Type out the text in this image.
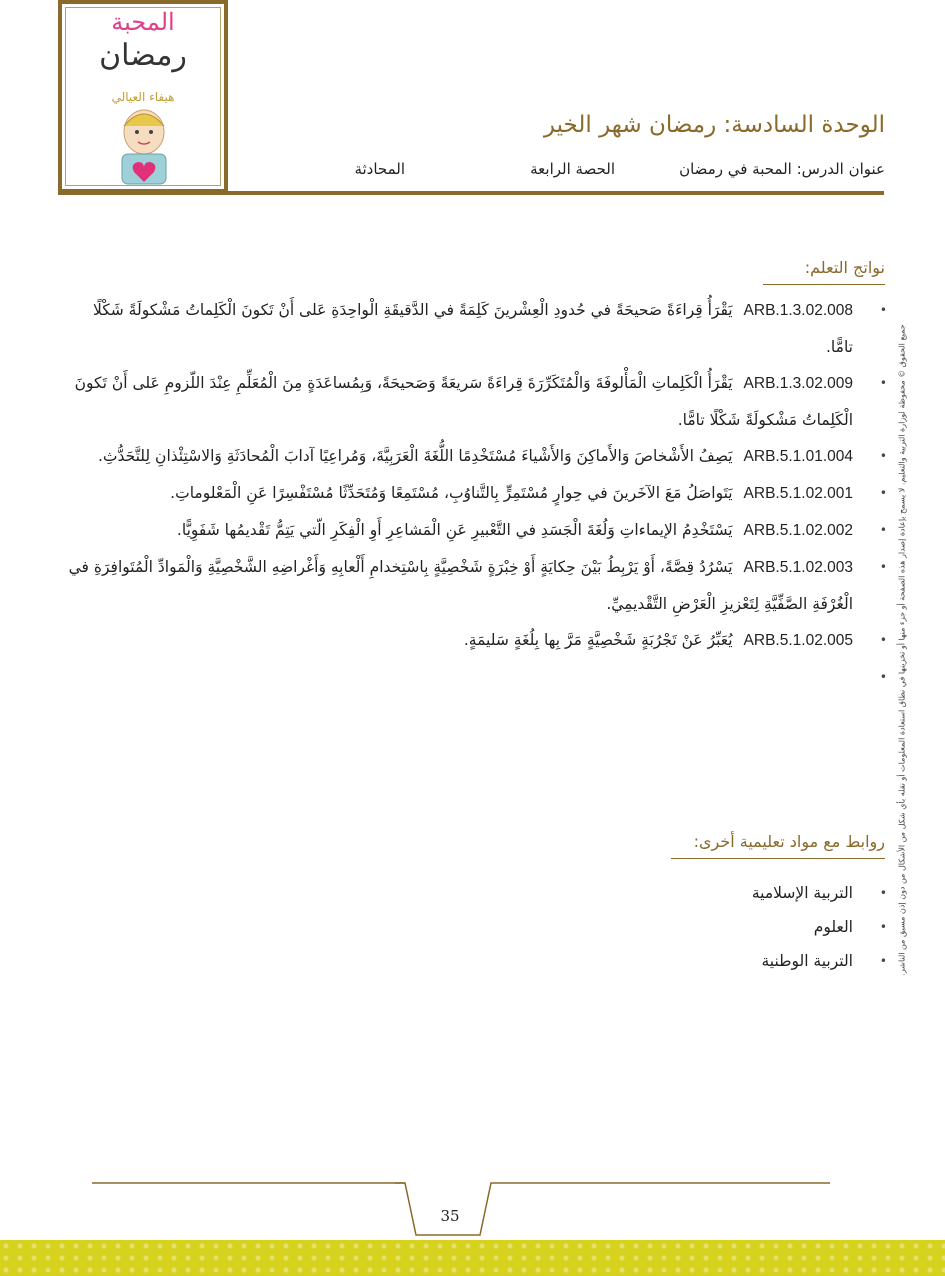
المحبة
رمضان
هيفاء العيالي
الوحدة السادسة: رمضان شهر الخير
عنوان الدرس: المحبة في رمضان
الحصة الرابعة
المحادثة
نواتج التعلم:
•
ARB.1.3.02.008 يَقْرَأُ قِراءَةً صَحيحَةً في حُدودِ الْعِشْرينَ كَلِمَةً في الدَّقيقَةِ الْواحِدَةِ عَلى أَنْ تَكونَ الْكَلِماتُ مَشْكولَةً شَكْلًا تامًّا.
•
ARB.1.3.02.009 يَقْرَأُ الْكَلِماتِ الْمَأْلوفَةَ وَالْمُتَكَرِّرَةَ قِراءَةً سَريعَةً وَصَحيحَةً، وَبِمُساعَدَةٍ مِنَ الْمُعَلِّمِ عِنْدَ اللّزومِ عَلى أَنْ تَكونَ الْكَلِماتُ مَشْكولَةً شَكْلًا تامًّا.
•
ARB.5.1.01.004 يَصِفُ الأَشْخاصَ وَالأَماكِنَ وَالأَشْياءَ مُسْتَخْدِمًا اللُّغَةَ الْعَرَبِيَّةَ، وَمُراعِيًا آدابَ الْمُحادَثَةِ وَالاسْتِئْذانِ لِلتَّحَدُّثِ.
•
ARB.5.1.02.001 يَتَواصَلُ مَعَ الآخَرينَ في حِوارٍ مُسْتَمِرٍّ بِالتَّناوُبِ، مُسْتَمِعًا وَمُتَحَدِّثًا مُسْتَفْسِرًا عَنِ الْمَعْلوماتِ.
•
ARB.5.1.02.002 يَسْتَخْدِمُ الإيماءاتِ وَلُغَةَ الْجَسَدِ في التَّعْبيرِ عَنِ الْمَشاعِرِ أَوِ الْفِكَرِ الّتي يَتِمُّ تَقْديمُها شَفَوِيًّا.
•
ARB.5.1.02.003 يَسْرُدُ قِصَّةً، أَوْ يَرْبِطُ بَيْنَ حِكايَةٍ أَوْ خِبْرَةٍ شَخْصِيَّةٍ بِاسْتِخدامِ أَلْعابِهِ وَأَغْراضِهِ الشَّخْصِيَّةِ وَالْمَوادِّ الْمُتَوافِرَةِ في الْغُرْفَةِ الصَّفِّيَّةِ لِتَعْزيزِ الْعَرْضِ التَّقْديمِيِّ.
•
ARB.5.1.02.005 يُعَبِّرُ عَنْ تَجْرُبَةٍ شَخْصِيَّةٍ مَرَّ بِها بِلُغَةٍ سَليمَةٍ.
•

روابط مع مواد تعليمية أخرى:
•
التربية الإسلامية
•
العلوم
•
التربية الوطنية	جميع الحقوق © محفوظة لوزارة التربية والتعليم. لا يسمح بإعادة إصدار هذه الصفحة أو جزء منها أو تخزينها في نطاق استعادة المعلومات أو نقله بأي شكل من الأشكال من دون إذن مسبق من الناشر.
35
